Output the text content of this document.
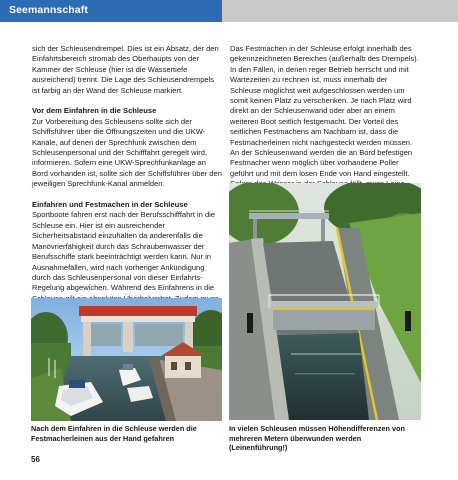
Seemannschaft

sich der Schleusendrempel. Dies ist ein Absatz, der den Einfahrtsbereich stromab des Oberhaupts von der Kammer der Schleuse (hier ist die Wassertiefe ausreichend) trennt. Die Lage des Schleusendrempels ist farbig an der Wand der Schleuse markiert.

Vor dem Einfahren in die Schleuse

Zur Vorbereitung des Schleusens sollte sich der Schiffsführer über die Öffnungszeiten und die UKW-Kanäle, auf denen der Sprechfunk zwischen dem Schleusenpersonal und der Schifffahrt geregelt wird, informieren. Sofern eine UKW-Sprechfunkanlage an Bord vorhanden ist, sollte sich der Schiffsführer über den jeweiligen Sprechfunk-Kanal anmelden.

Einfahren und Festmachen in der Schleuse

Sportboote fahren erst nach der Berufsschifffahrt in die Schleuse ein. Hier ist ein ausreichender Sicherheitsabstand einzuhalten da anderenfalls die Manövrierfähigkeit durch das Schraubenwasser der Berufsschiffe stark beeinträchtigt werden kann. Nur in Ausnahmefällen, wird nach vorheriger Ankündigung durch das Schleusenpersonal von dieser Einfahrts-Regelung abgewichen. Während des Einfahrens in die

Das Festmachen in der Schleuse erfolgt innerhalb des gekennzeichneten Bereiches (außerhalb des Drempels). In den Fällen, in denen reger Betrieb herrscht und mit Wartezeiten zu rechnen ist, muss innerhalb der Schleuse möglichst weit aufgeschlossen werden um somit keinen Platz zu verschenken. Je nach Platz wird direkt an der Schleusenwand oder aber an einem weiteren Boot seitlich festgemacht. Der Vorteil des seitlichen Festmachens am Nachbarn ist, dass die Festmacherleinen nicht nachgesteckt werden müssen. An der Schleusenwand werden die an Bord befestigen Festmacher wenn möglich über vorhandene Poller geführt und mit dem losen Ende von Hand eingestellt.

Nach dem Einfahren in die Schleuse werden die Festmacherleinen aus der Hand gefahren
In vielen Schleusen müssen Höhendifferenzen von mehreren Metern überwunden werden (Leinenführung!)
56
